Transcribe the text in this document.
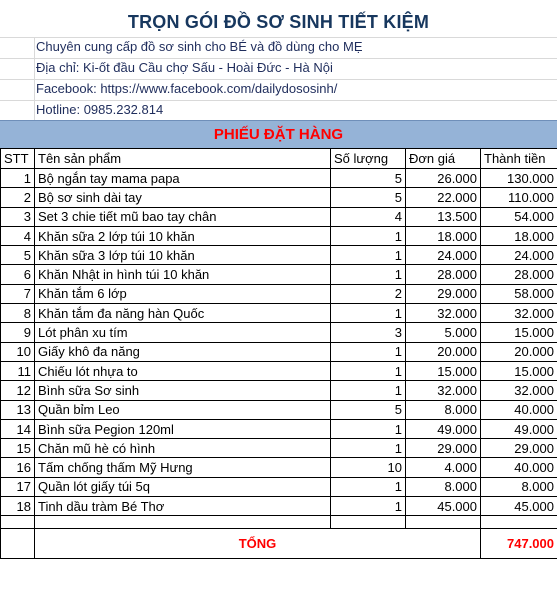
TRỌN GÓI ĐỒ SƠ SINH TIẾT KIỆM
Chuyên cung cấp đồ sơ sinh cho BÉ và đồ dùng cho MẸ
Địa chỉ: Ki-ốt đầu Cầu chợ Sấu - Hoài Đức - Hà Nội
Facebook: https://www.facebook.com/dailydososinh/
Hotline: 0985.232.814
PHIẾU ĐẶT HÀNG
STT	Tên sản phẩm	Số lượng	Đơn giá	Thành tiền
1	Bộ ngắn tay mama papa	5	26.000	130.000
2	Bộ sơ sinh dài tay	5	22.000	110.000
3	Set 3 chie tiết mũ bao tay chân	4	13.500	54.000
4	Khăn sữa 2 lớp túi 10 khăn	1	18.000	18.000
5	Khăn sữa 3 lớp túi 10 khăn	1	24.000	24.000
6	Khăn Nhật in hình túi 10 khăn	1	28.000	28.000
7	Khăn tắm 6 lớp	2	29.000	58.000
8	Khăn tắm đa năng hàn Quốc	1	32.000	32.000
9	Lót phân xu tím	3	5.000	15.000
10	Giấy khô đa năng	1	20.000	20.000
11	Chiếu lót nhựa to	1	15.000	15.000
12	Bình sữa Sơ sinh	1	32.000	32.000
13	Quần bỉm Leo	5	8.000	40.000
14	Bình sữa Pegion 120ml	1	49.000	49.000
15	Chăn mũ hè có hình	1	29.000	29.000
16	Tấm chống thấm Mỹ Hưng	10	4.000	40.000
17	Quần lót giấy túi 5q	1	8.000	8.000
18	Tinh dầu tràm Bé Thơ	1	45.000	45.000

	TỔNG			747.000
